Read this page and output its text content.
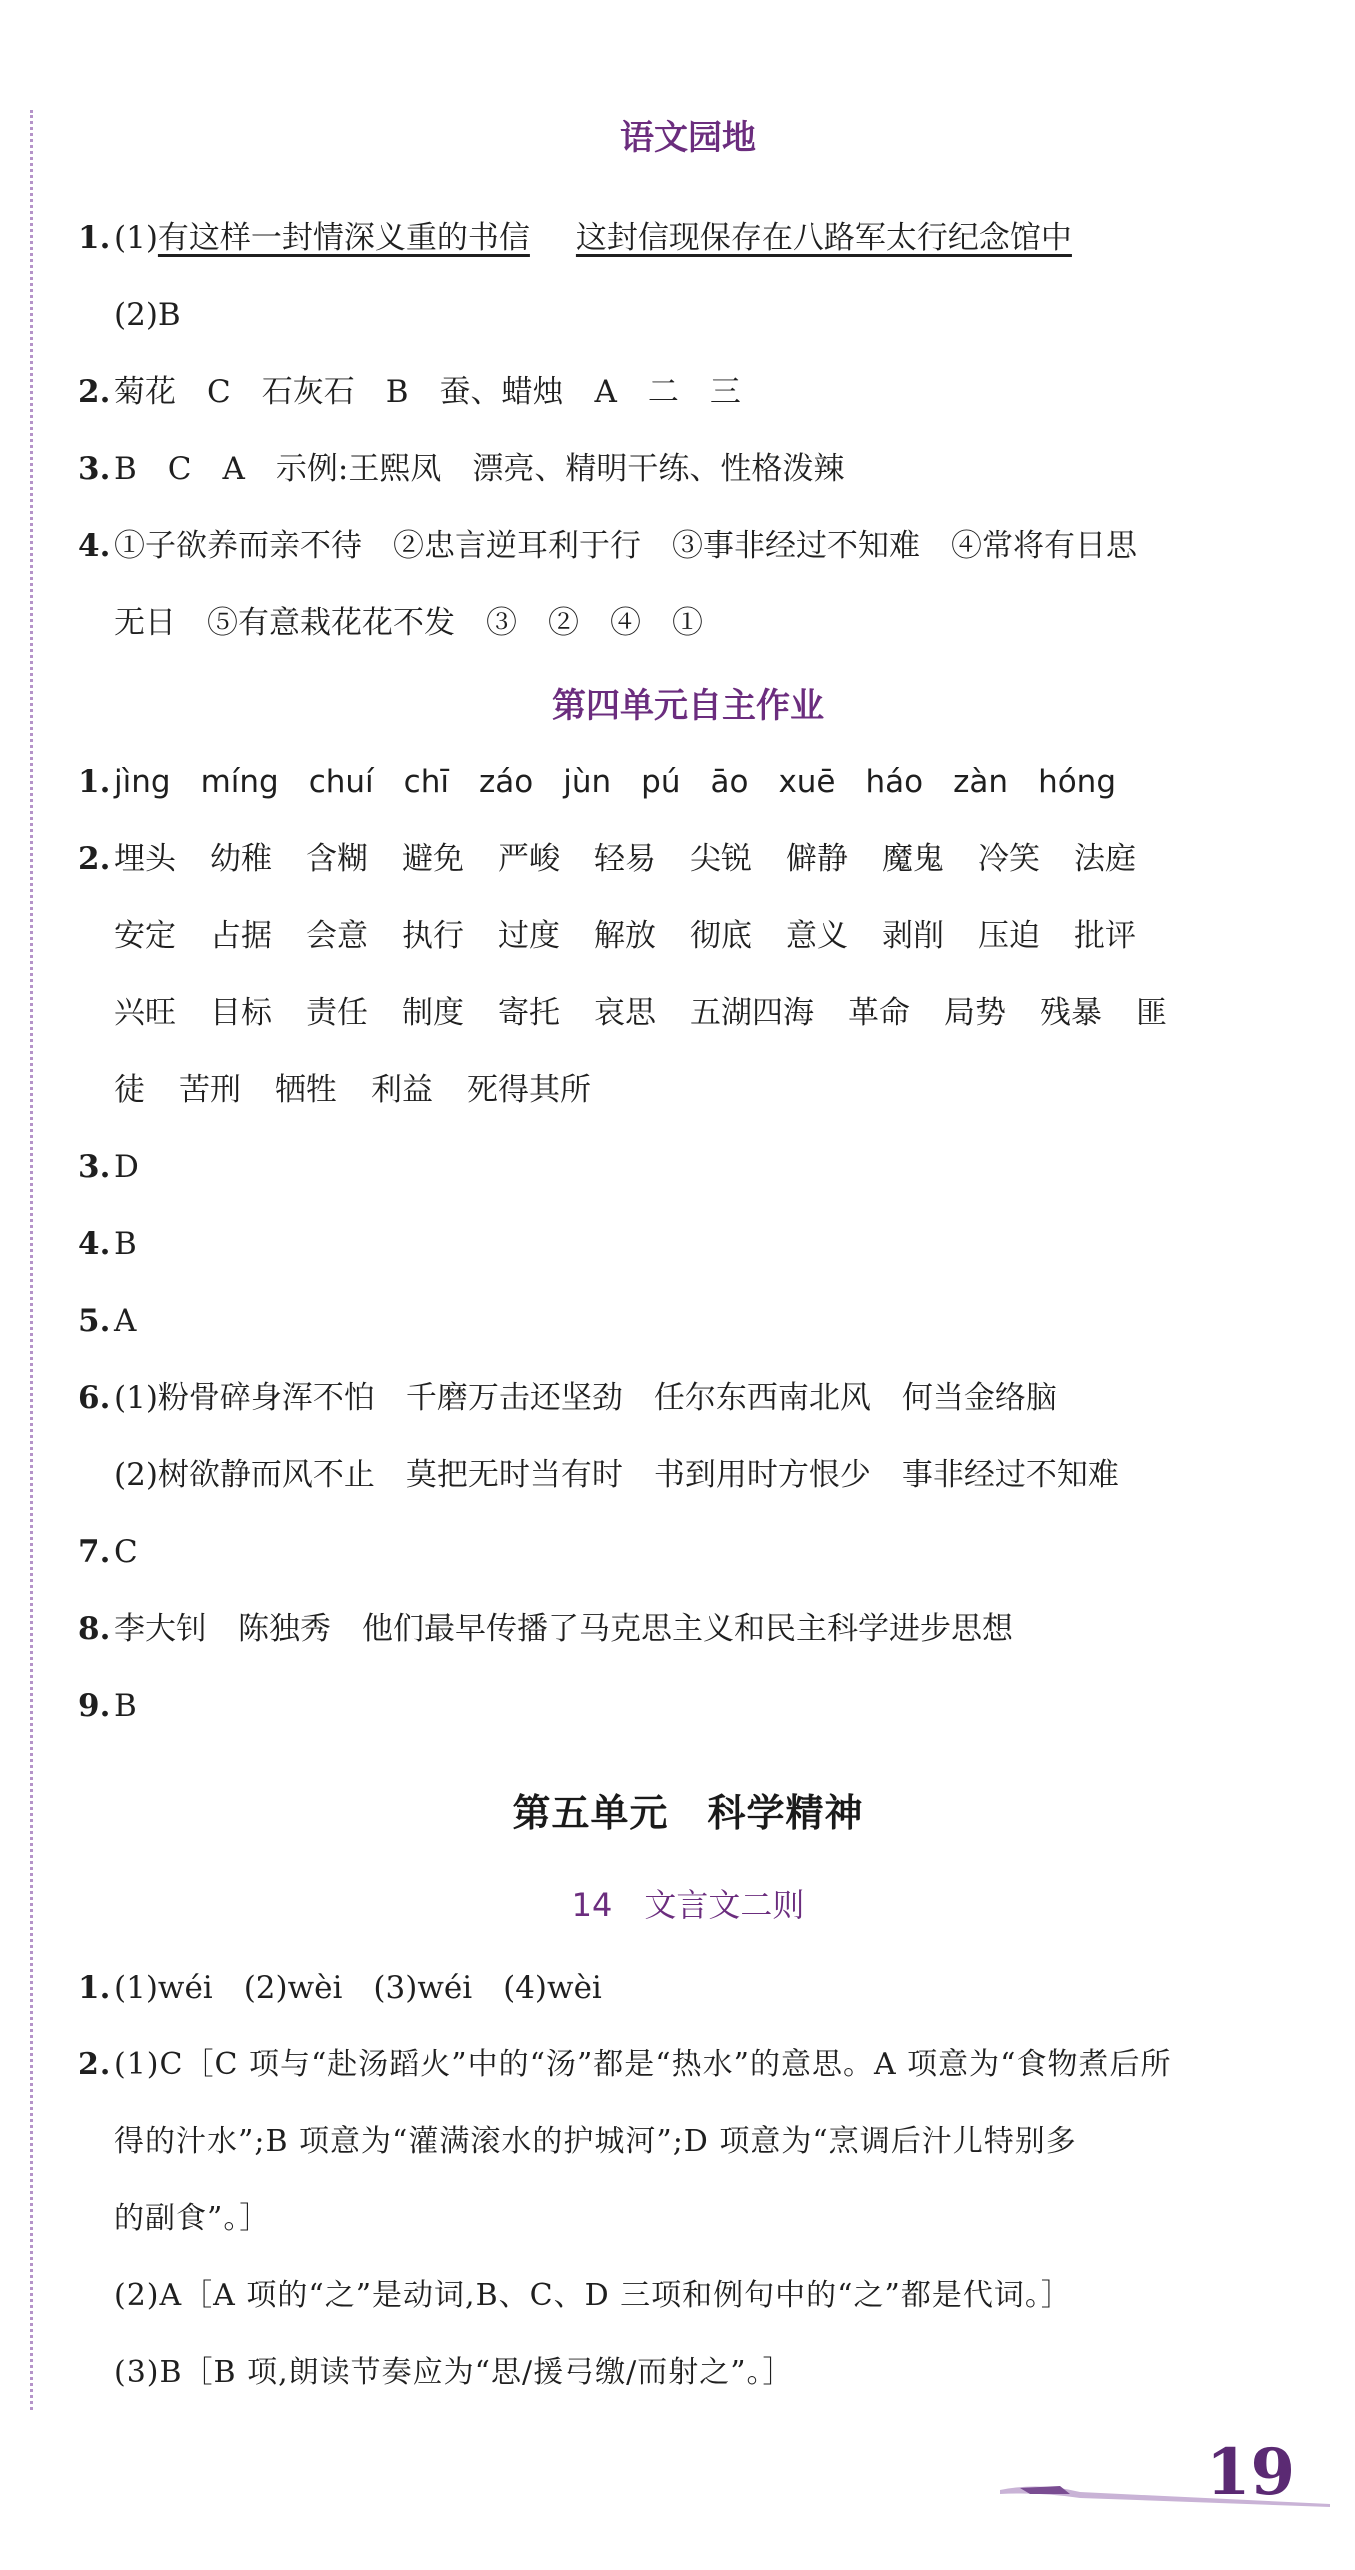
语文园地
1. (1)有这样一封情深义重的书信 这封信现保存在八路军太行纪念馆中
(2)B
2. 菊花　C　石灰石　B　蚕、蜡烛　A　二　三
3. B　C　A　示例:王熙凤　漂亮、精明干练、性格泼辣
4. ①子欲养而亲不待　②忠言逆耳利于行　③事非经过不知难　④常将有日思
无日　⑤有意栽花花不发　③　②　④　①
第四单元自主作业
1. jìng míng chuí chī záo jùn pú āo xuē háo zàn hóng
2. 埋头 幼稚 含糊 避免 严峻 轻易 尖锐 僻静 魔鬼 冷笑 法庭
安定 占据 会意 执行 过度 解放 彻底 意义 剥削 压迫 批评
兴旺 目标 责任 制度 寄托 哀思 五湖四海 革命 局势 残暴 匪
徒 苦刑 牺牲 利益 死得其所
3. D
4. B
5. A
6. (1)粉骨碎身浑不怕　千磨万击还坚劲　任尔东西南北风　何当金络脑
(2)树欲静而风不止　莫把无时当有时　书到用时方恨少　事非经过不知难
7. C
8. 李大钊　陈独秀　他们最早传播了马克思主义和民主科学进步思想
9. B
第五单元　科学精神
14　文言文二则
1. (1)wéi　(2)wèi　(3)wéi　(4)wèi
2.(1)C［C 项与“赴汤蹈火”中的“汤”都是“热水”的意思。A 项意为“食物煮后所
得的汁水”;B 项意为“灌满滚水的护城河”;D 项意为“烹调后汁儿特别多
的副食”。］
(2)A［A 项的“之”是动词,B、C、D 三项和例句中的“之”都是代词。］
(3)B［B 项,朗读节奏应为“思/援弓缴/而射之”。］
19
